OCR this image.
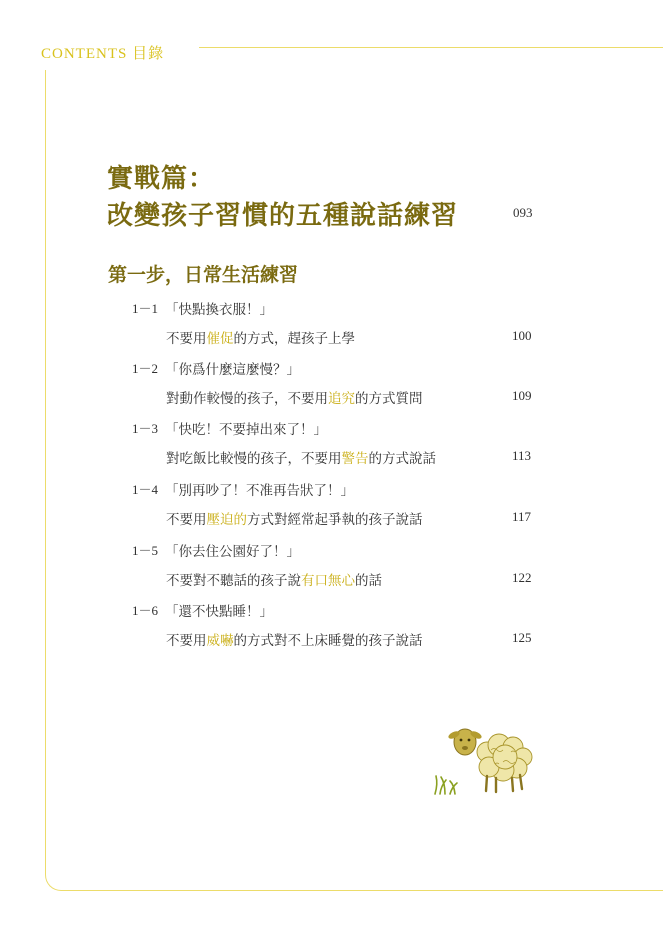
CONTENTS 目錄
實戰篇：
改變孩子習慣的五種說話練習	093
第一步，日常生活練習
1－1 「快點換衣服！」
不要用催促的方式，趕孩子上學	100
1－2 「你爲什麼這麼慢？」
對動作較慢的孩子，不要用追究的方式質問	109
1－3 「快吃！不要掉出來了！」
對吃飯比較慢的孩子，不要用警告的方式說話	113
1－4 「別再吵了！不准再告狀了！」
不要用壓迫的方式對經常起爭執的孩子說話	117
1－5 「你去住公園好了！」
不要對不聽話的孩子說有口無心的話	122
1－6 「還不快點睡！」
不要用威嚇的方式對不上床睡覺的孩子說話	125
